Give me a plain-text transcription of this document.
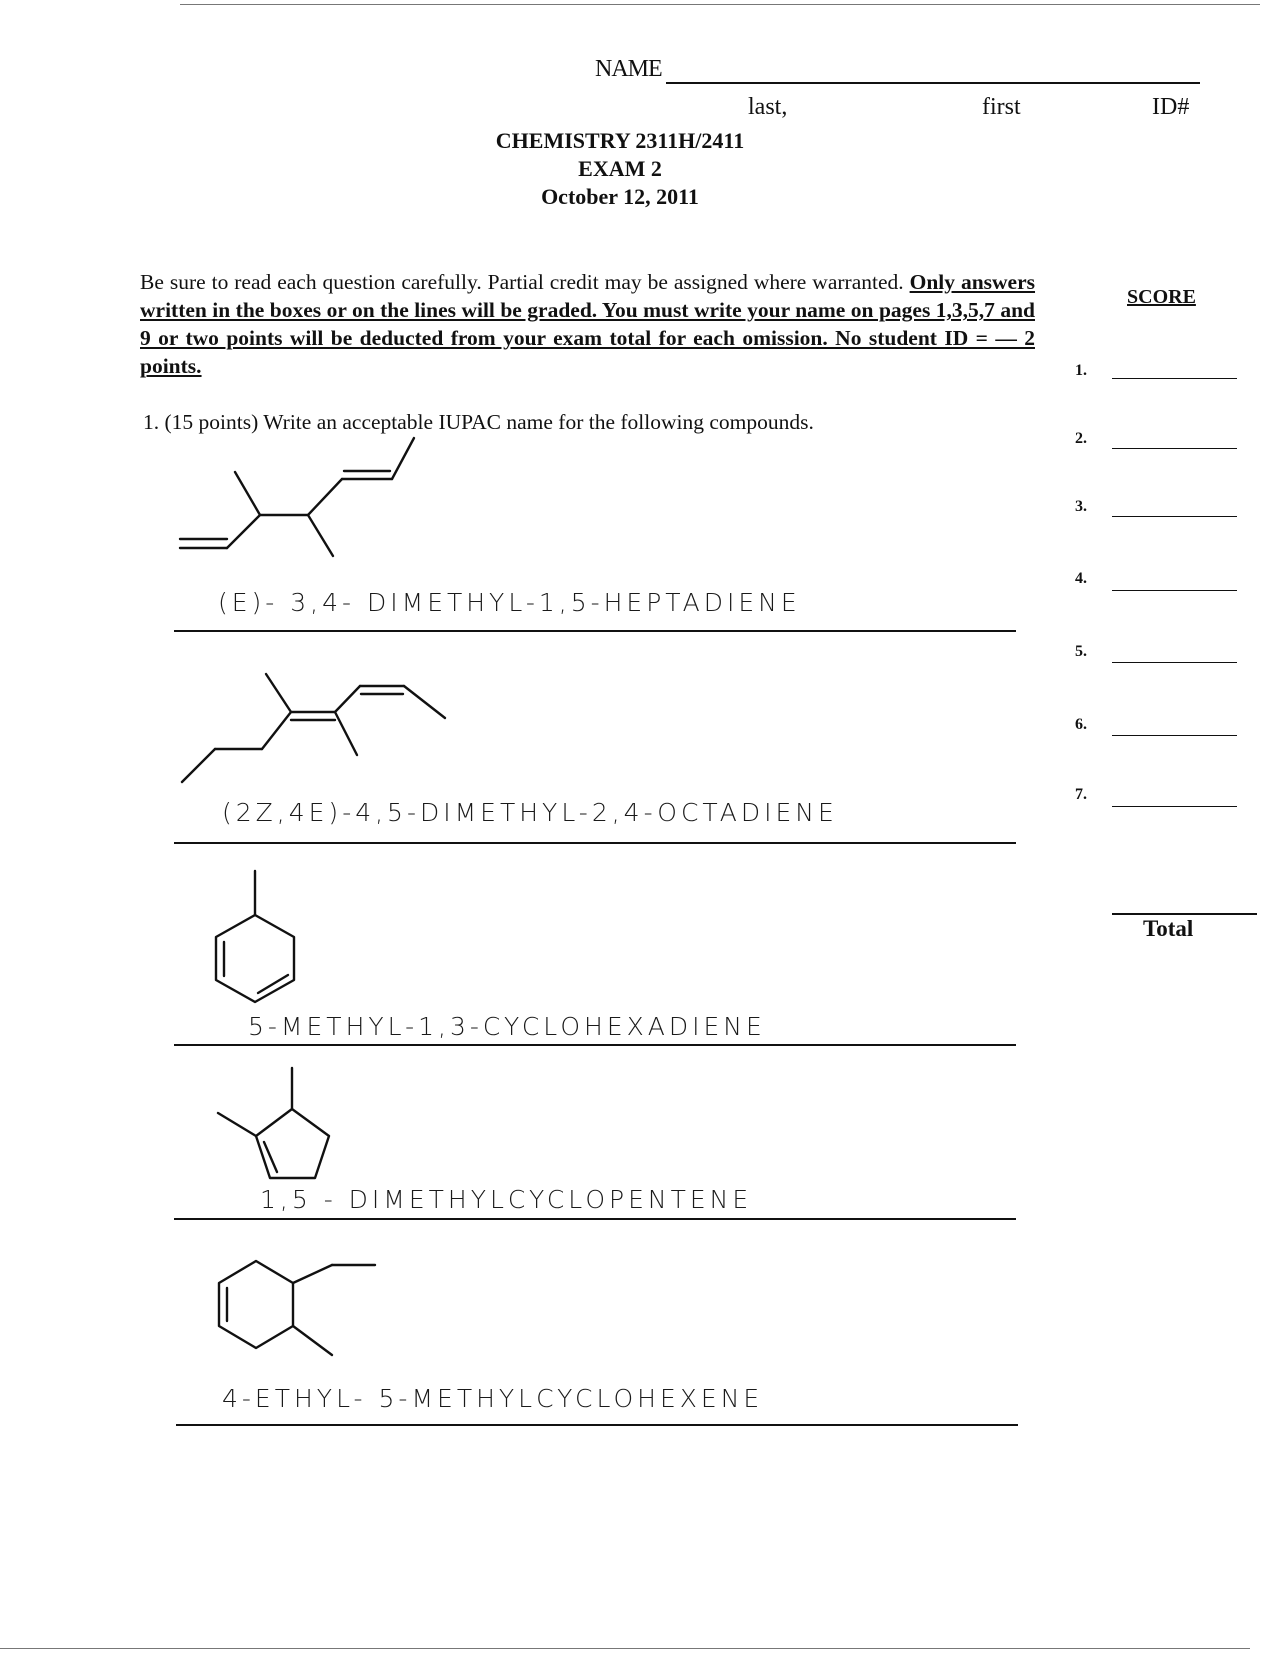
NAME
last,	first	ID#
CHEMISTRY 2311H/2411
EXAM 2
October 12, 2011
Be sure to read each question carefully. Partial credit may be assigned where warranted. Only answers written in the boxes or on the lines will be graded. You must write your name on pages 1,3,5,7 and 9 or two points will be deducted from your exam total for each omission. No student ID = — 2 points.
SCORE
1.
2.
3.
4.
5.
6.
7.
Total
1. (15 points) Write an acceptable IUPAC name for the following compounds.
(E)- 3,4- DIMETHYL-1,5-HEPTADIENE
(2Z,4E)-4,5-DIMETHYL-2,4-OCTADIENE
5-METHYL-1,3-CYCLOHEXADIENE
1,5 - DIMETHYLCYCLOPENTENE
4-ETHYL- 5-METHYLCYCLOHEXENE
